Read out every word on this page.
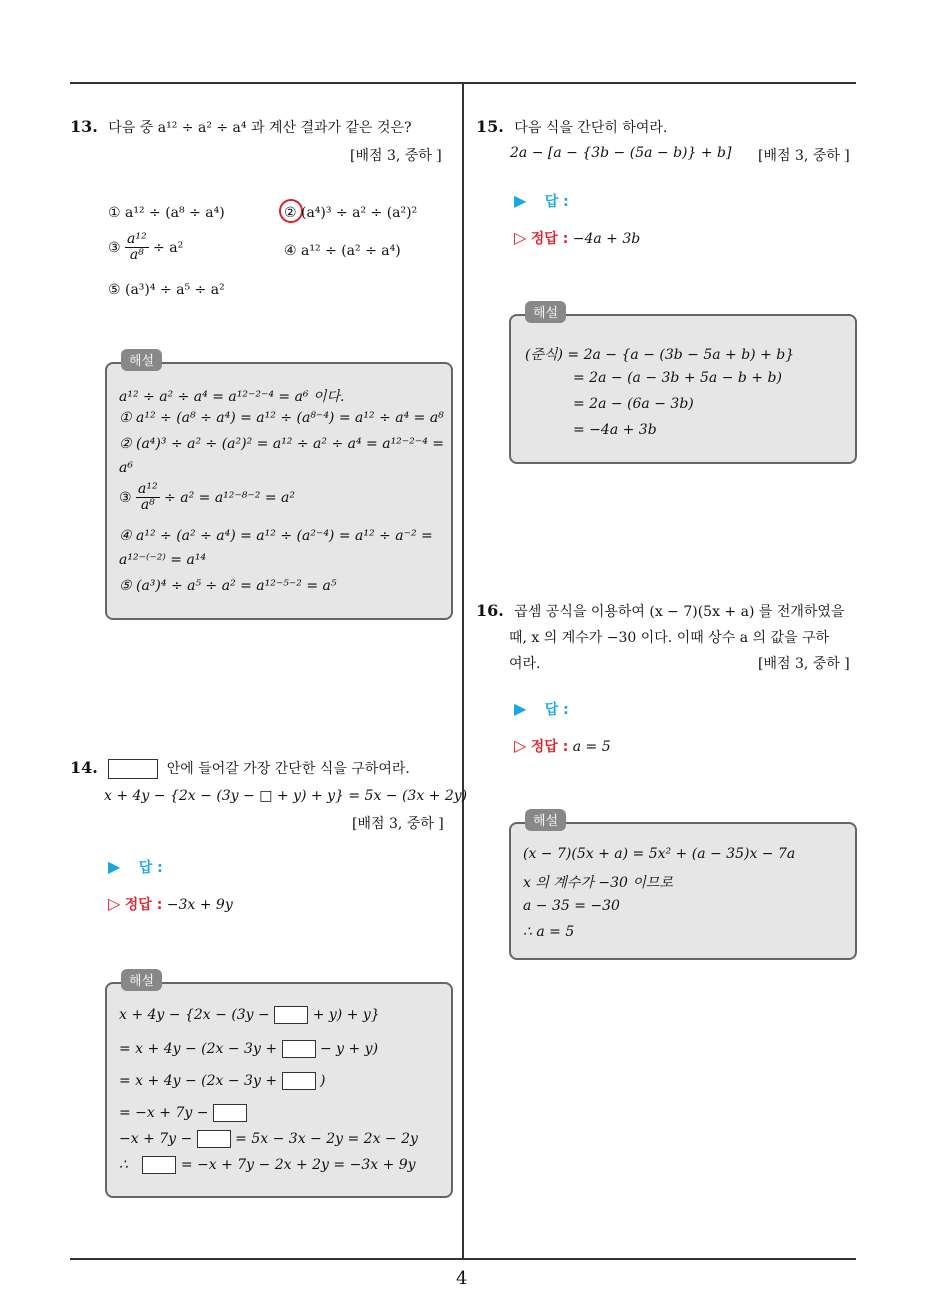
13. 다음 중 a¹² ÷ a² ÷ a⁴ 과 계산 결과가 같은 것은?
[배점 3, 중하 ]
① a¹² ÷ (a⁸ ÷ a⁴)	② (a⁴)³ ÷ a² ÷ (a²)²
③ $\frac{\text{a¹²}}{\text{a⁸}} \div a^2$	④ a¹² ÷ (a² ÷ a⁴)
⑤ (a³)⁴ ÷ a⁵ ÷ a²
a¹² ÷ a² ÷ a⁴ = a¹²⁻²⁻⁴ = a⁶ 이다.
① a¹² ÷ (a⁸ ÷ a⁴) = a¹² ÷ (a⁸⁻⁴) = a¹² ÷ a⁴ = a⁸
② (a⁴)³ ÷ a² ÷ (a²)² = a¹² ÷ a² ÷ a⁴ = a¹²⁻²⁻⁴ =
a⁶
③ $\frac{\text{a¹²}}{\text{a⁸}} \div a^2 = a^{12-8-2} = a^2$
④ a¹² ÷ (a² ÷ a⁴) = a¹² ÷ (a²⁻⁴) = a¹² ÷ a⁻² =
a¹²⁻⁽⁻²⁾ = a¹⁴
⑤ (a³)⁴ ÷ a⁵ ÷ a² = a¹²⁻⁵⁻² = a⁵
해설
14.	안에 들어갈 가장 간단한 식을 구하여라.
x + 4y − {2x − (3y − □ + y) + y} = 5x − (3x + 2y)
[배점 3, 중하 ]
▶ 답 :
▷ 정답 : −3x + 9y
x + 4y − {2x − (3y −	+ y) + y}
= x + 4y − (2x − 3y +	− y + y)
= x + 4y − (2x − 3y +	)
= −x + 7y −
−x + 7y −	= 5x − 3x − 2y = 2x − 2y
∴	= −x + 7y − 2x + 2y = −3x + 9y
해설
15. 다음 식을 간단히 하여라.
2a − [a − {3b − (5a − b)} + b] [배점 3, 중하 ]
▶ 답 :
▷ 정답 : −4a + 3b
(준식) = 2a − {a − (3b − 5a + b) + b}
= 2a − (a − 3b + 5a − b + b)
= 2a − (6a − 3b)
= −4a + 3b
해설
16. 곱셈 공식을 이용하여 (x − 7)(5x + a) 를 전개하였을
때, x 의 계수가 −30 이다. 이때 상수 a 의 값을 구하
여라.	[배점 3, 중하 ]
▶ 답 :
▷ 정답 : a = 5
(x − 7)(5x + a) = 5x² + (a − 35)x − 7a
x 의 계수가 −30 이므로
a − 35 = −30
∴ a = 5
해설
4
